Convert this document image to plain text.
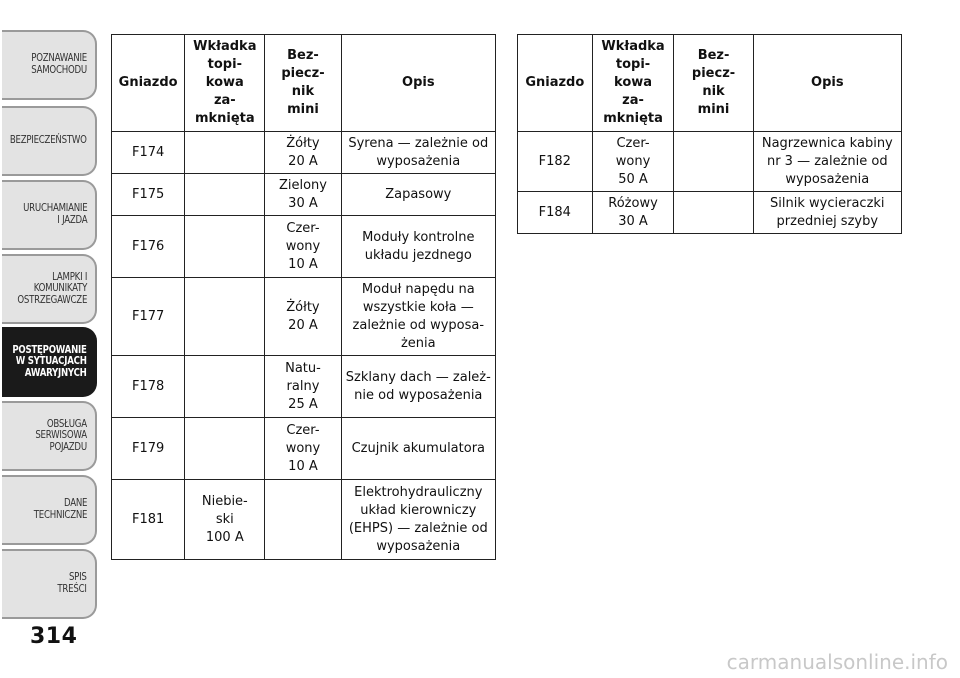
POZNAWANIE
SAMOCHODU
BEZPIECZEŃSTWO
URUCHAMIANIE
I JAZDA
LAMPKI I
KOMUNIKATY
OSTRZEGAWCZE
POSTĘPOWANIE
W SYTUACJACH
AWARYJNYCH
OBSŁUGA
SERWISOWA
POJAZDU
DANE
TECHNICZNE
SPIS
TREŚCI
314
Gniazdo	Wkładka
topi-
kowa
za-
mknięta	Bez-
piecz-
nik
mini	Opis
F174		Żółty
20 A	Syrena — zależnie od
wyposażenia
F175		Zielony
30 A	Zapasowy
F176		Czer-
wony
10 A	Moduły kontrolne
układu jezdnego
F177		Żółty
20 A	Moduł napędu na
wszystkie koła —
zależnie od wyposa-
żenia
F178		Natu-
ralny
25 A	Szklany dach — zależ-
nie od wyposażenia
F179		Czer-
wony
10 A	Czujnik akumulatora
F181	Niebie-
ski
100 A		Elektrohydrauliczny
układ kierowniczy
(EHPS) — zależnie od
wyposażenia
Gniazdo	Wkładka
topi-
kowa
za-
mknięta	Bez-
piecz-
nik
mini	Opis
F182	Czer-
wony
50 A		Nagrzewnica kabiny
nr 3 — zależnie od
wyposażenia
F184	Różowy
30 A		Silnik wycieraczki
przedniej szyby
carmanualsonline.info
